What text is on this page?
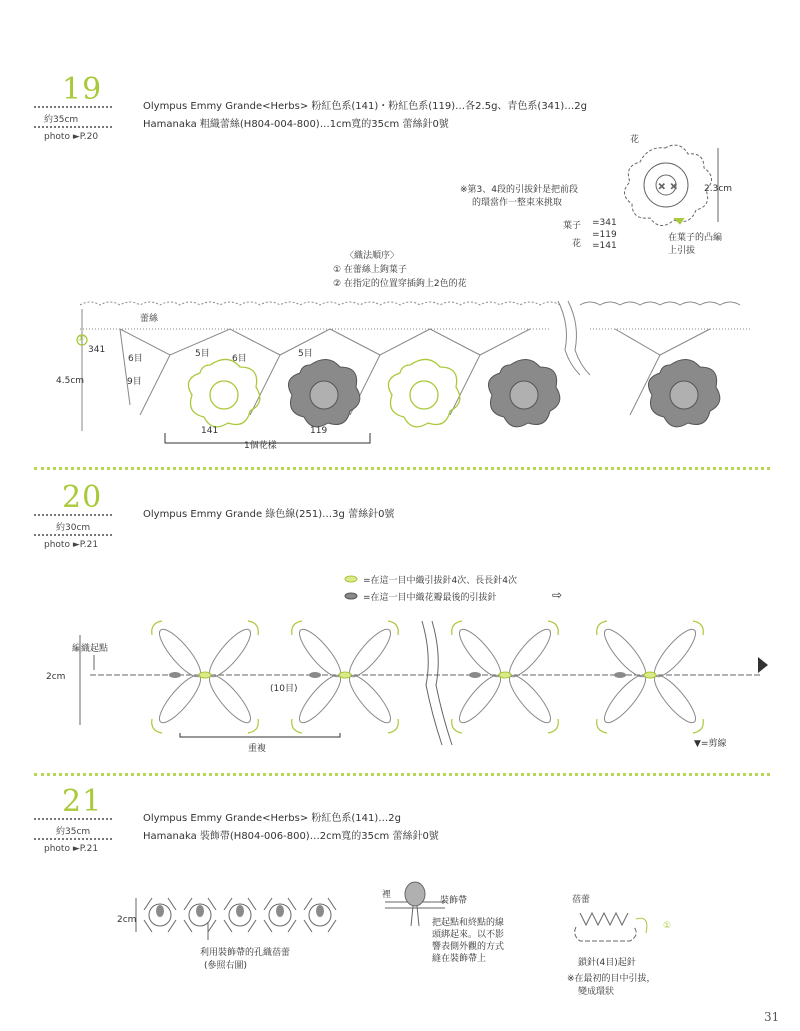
19
約35cm
photo ►P.20
Olympus Emmy Grande<Herbs> 粉紅色系(141)・粉紅色系(119)…各2.5g、青色系(341)…2g
Hamanaka 粗織蕾絲(H804-004-800)…1cm寬的35cm 蕾絲針0號
花
× ×	2.3cm
※第3、4段的引拔針是把前段
的環當作一整束來挑取
葉子 =341
花
=119
=141
在葉子的凸編
上引拔
〈織法順序〉
① 在蕾絲上鉤葉子
② 在指定的位置穿插鉤上2色的花
蕾絲
①
341
6目	5目 6目	5目
9目
4.5cm
141	119
1個花樣
20
約30cm
photo ►P.21
Olympus Emmy Grande 綠色線(251)…3g 蕾絲針0號
=在這一目中織引拔針4次、長長針4次
=在這一目中織花瓣最後的引拔針	⇨
編織起點
2cm
(10目)
重複	▼=剪線
21
約35cm
photo ►P.21
Olympus Emmy Grande<Herbs> 粉紅色系(141)…2g
Hamanaka 裝飾帶(H804-006-800)…2cm寬的35cm 蕾絲針0號
2cm
利用裝飾帶的孔織蓓蕾
(參照右圖)
裡
裝飾帶
把起點和終點的線
頭綁起來。以不影
響表側外觀的方式
縫在裝飾帶上
蓓蕾
①
鎖針(4目)起針
※在最初的目中引拔，
變成環狀
31
